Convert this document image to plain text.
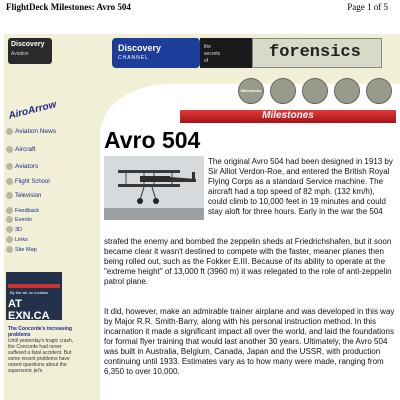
FlightDeck Milestones: Avro 504	Page 1 of 5
Discovery
Aviation
AiroArrow
Discovery
CHANNEL
the
secrets
of	forensics
Milestones
Milestones
Aviation News
Aircraft
Aviators
Flight School
Television
Feedback
Events
3D
Links
Site Map
By the air, on location
AT EXN.CA
The Concorde's increasing problems
Until yesterday's tragic crash, the Concorde had never suffered a fatal accident. But some recent problems have raised questions about the supersonic jet's
Avro 504

The original Avro 504 had been designed in 1913 by Sir Alliot Verdon-Roe, and entered the British Royal Flying Corps as a standard Service machine. The aircraft had a top speed of 82 mph. (132 km/h), could climb to 10,000 feet in 19 minutes and could stay aloft for three hours. Early in the war the 504

strafed the enemy and bombed the zeppelin sheds at Friedrichshafen, but it soon became clear it wasn't destined to compete with the faster, meaner planes then being rolled out, such as the Fokker E.III. Because of its ability to operate at the "extreme height" of 13,000 ft (3960 m) it was relegated to the role of anti-zeppelin patrol plane.

It did, however, make an admirable trainer airplane and was developed in this way by Major R.R. Smith-Barry, along with his personal instruction method. In this incarnation it made a significant impact all over the world, and laid the foundations for formal flyer training that would last another 30 years. Ultimately, the Avro 504 was built in Australia, Belgium, Canada, Japan and the USSR, with production continuing until 1933. Estimates vary as to how many were made, ranging from 6,350 to over 10,000.
